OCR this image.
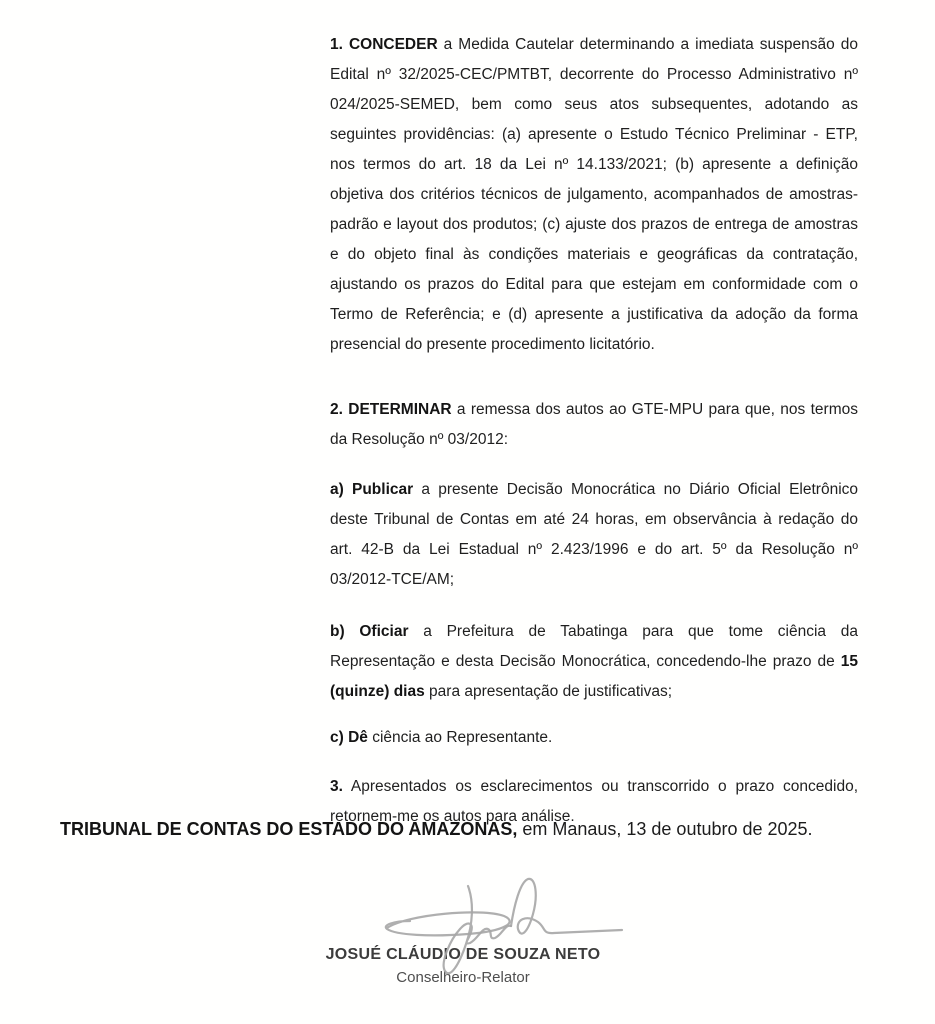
1. CONCEDER a Medida Cautelar determinando a imediata suspensão do Edital nº 32/2025-CEC/PMTBT, decorrente do Processo Administrativo nº 024/2025-SEMED, bem como seus atos subsequentes, adotando as seguintes providências: (a) apresente o Estudo Técnico Preliminar - ETP, nos termos do art. 18 da Lei nº 14.133/2021; (b) apresente a definição objetiva dos critérios técnicos de julgamento, acompanhados de amostras-padrão e layout dos produtos; (c) ajuste dos prazos de entrega de amostras e do objeto final às condições materiais e geográficas da contratação, ajustando os prazos do Edital para que estejam em conformidade com o Termo de Referência; e (d) apresente a justificativa da adoção da forma presencial do presente procedimento licitatório.

2. DETERMINAR a remessa dos autos ao GTE-MPU para que, nos termos da Resolução nº 03/2012:

a) Publicar a presente Decisão Monocrática no Diário Oficial Eletrônico deste Tribunal de Contas em até 24 horas, em observância à redação do art. 42-B da Lei Estadual nº 2.423/1996 e do art. 5º da Resolução nº 03/2012-TCE/AM;

b) Oficiar a Prefeitura de Tabatinga para que tome ciência da Representação e desta Decisão Monocrática, concedendo-lhe prazo de 15 (quinze) dias para apresentação de justificativas;

c) Dê ciência ao Representante.

3. Apresentados os esclarecimentos ou transcorrido o prazo concedido, retornem-me os autos para análise.

TRIBUNAL DE CONTAS DO ESTADO DO AMAZONAS, em Manaus, 13 de outubro de 2025.
JOSUÉ CLÁUDIO DE SOUZA NETO
Conselheiro-Relator
